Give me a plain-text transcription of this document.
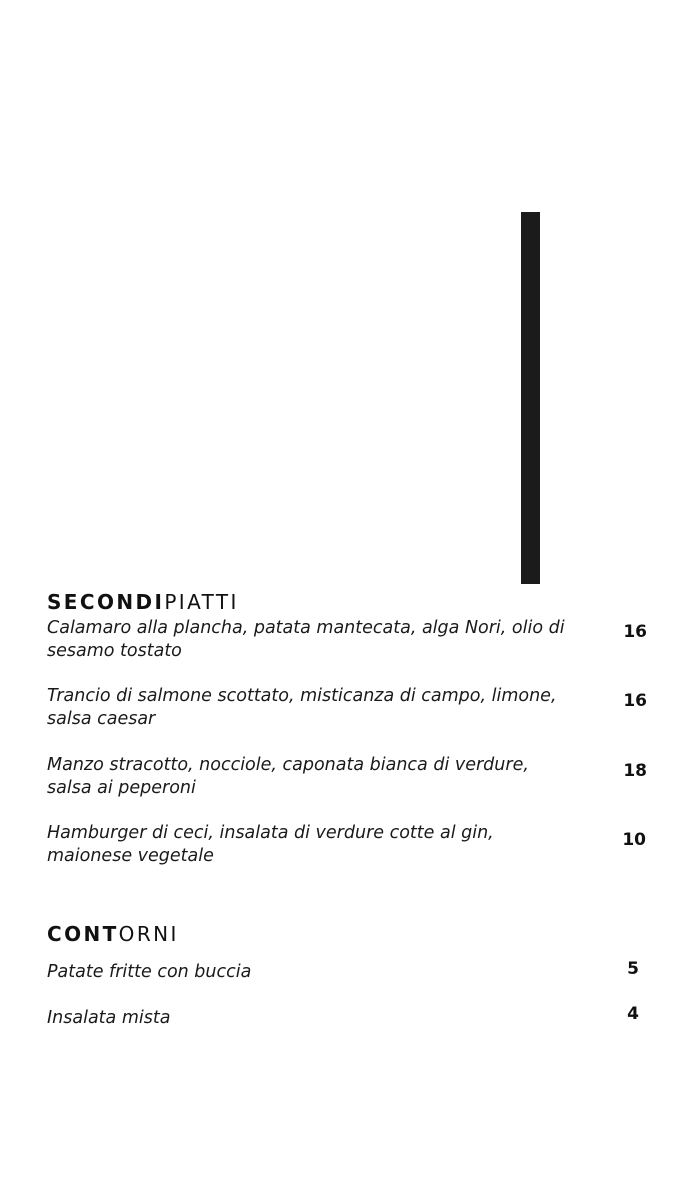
SECONDIPIATTI
Calamaro alla plancha, patata mantecata, alga Nori, olio di sesamo tostato
16
Trancio di salmone scottato, misticanza di campo, limone, salsa caesar
16
Manzo stracotto, nocciole, caponata bianca di verdure, salsa ai peperoni
18
Hamburger di ceci, insalata di verdure cotte al gin, maionese vegetale
10
CONTORNI
Patate fritte con buccia	5
Insalata mista	4
